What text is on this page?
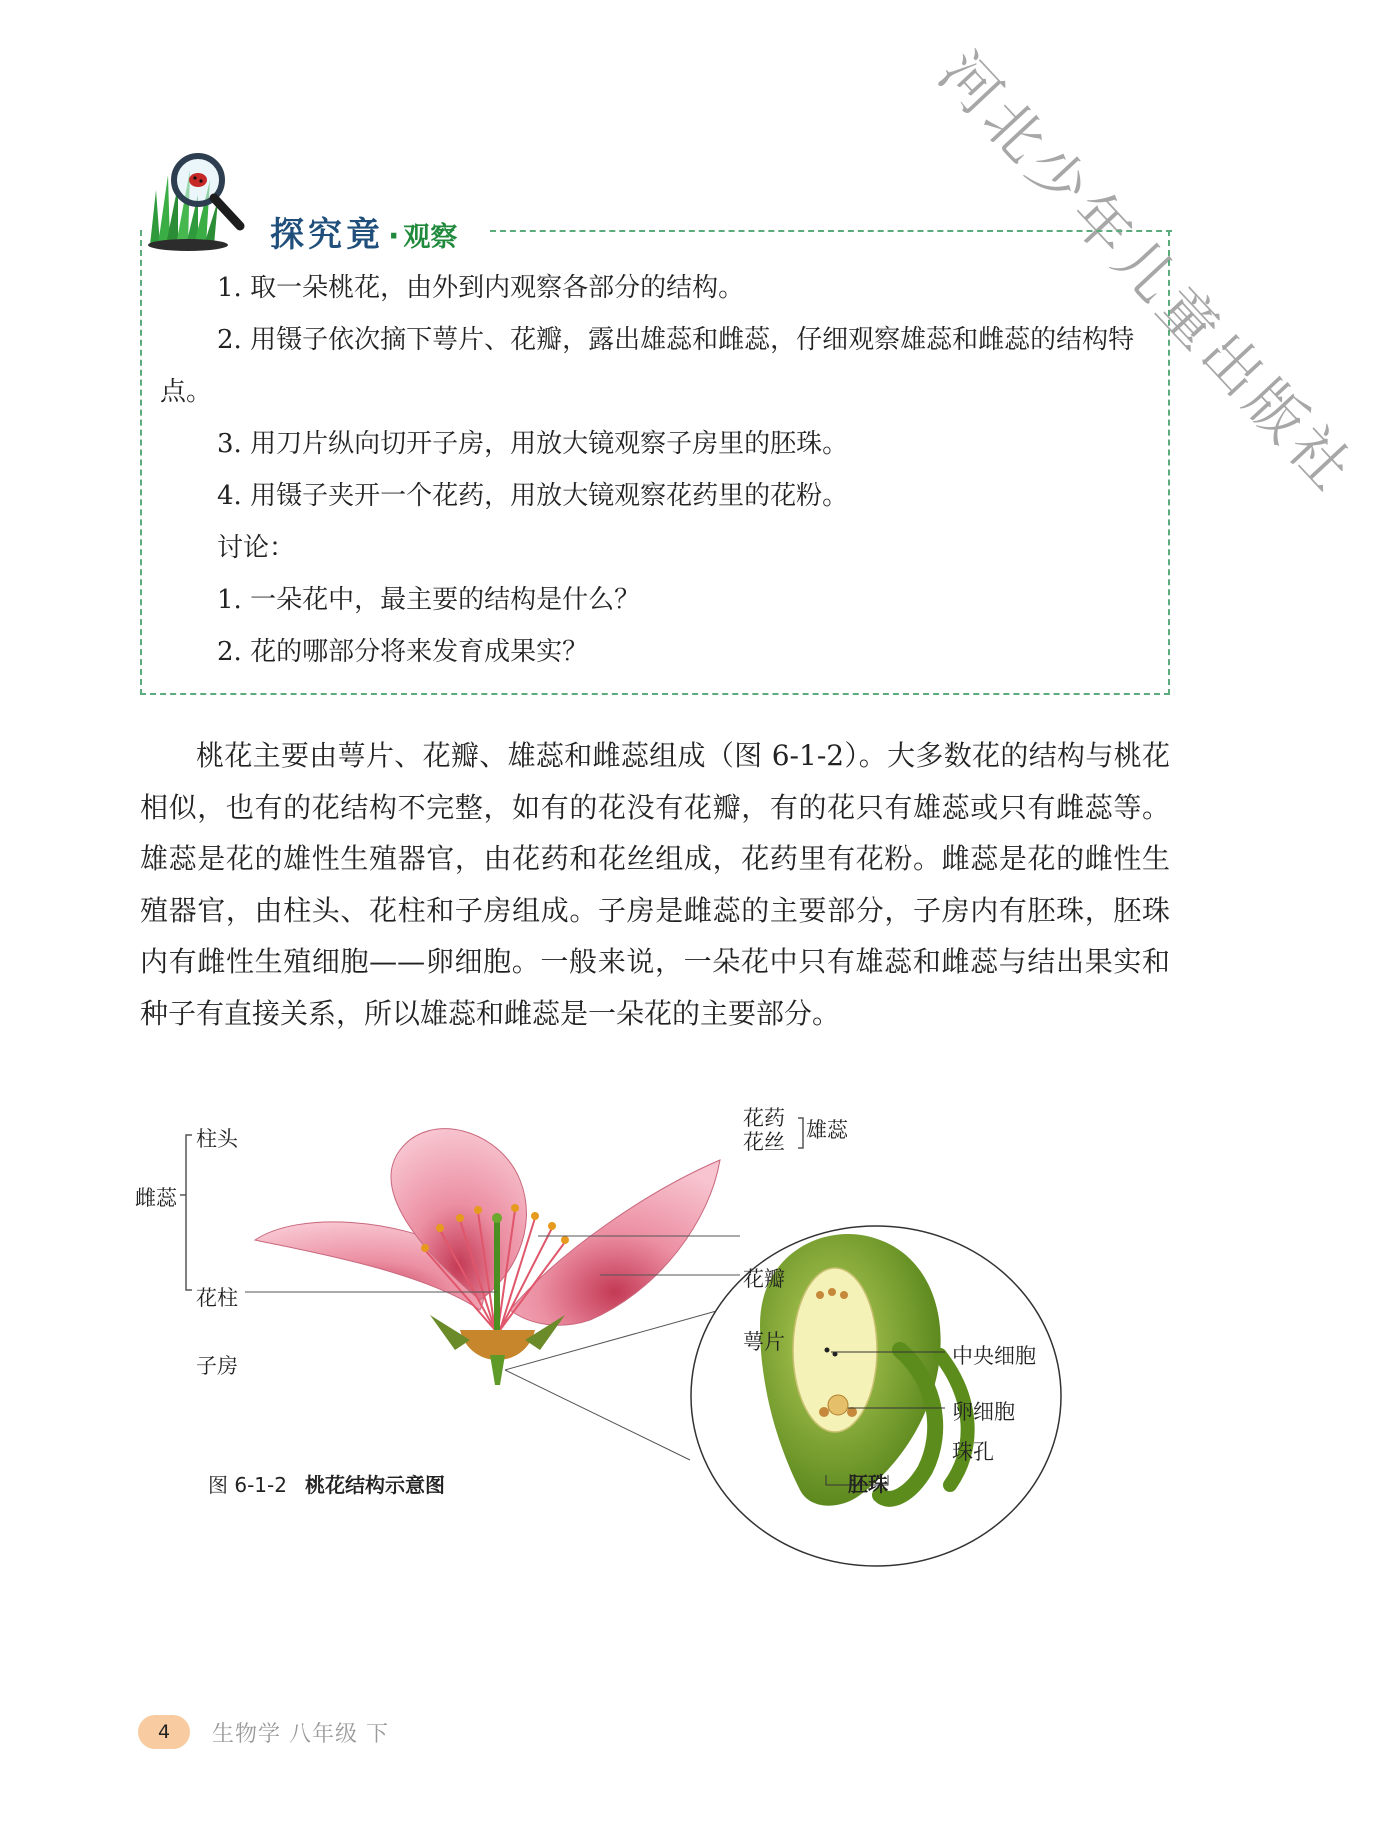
河北少年儿童出版社
探究竟 · 观察

1. 取一朵桃花，由外到内观察各部分的结构。

2. 用镊子依次摘下萼片、花瓣，露出雄蕊和雌蕊，仔细观察雄蕊和雌蕊的结构特点。

3. 用刀片纵向切开子房，用放大镜观察子房里的胚珠。

4. 用镊子夹开一个花药，用放大镜观察花药里的花粉。

讨论：

1. 一朵花中，最主要的结构是什么？

2. 花的哪部分将来发育成果实？

桃花主要由萼片、花瓣、雄蕊和雌蕊组成（图 6-1-2）。大多数花的结构与桃花相似，也有的花结构不完整，如有的花没有花瓣，有的花只有雄蕊或只有雌蕊等。雄蕊是花的雄性生殖器官，由花药和花丝组成，花药里有花粉。雌蕊是花的雌性生殖器官，由柱头、花柱和子房组成。子房是雌蕊的主要部分，子房内有胚珠，胚珠内有雌性生殖细胞——卵细胞。一般来说，一朵花中只有雄蕊和雌蕊与结出果实和种子有直接关系，所以雄蕊和雌蕊是一朵花的主要部分。

柱头
雌蕊
花柱
子房
花药
花丝 雄蕊
花瓣
萼片
中央细胞
卵细胞
珠孔
胚珠
图 6-1-2 桃花结构示意图
4	生物学 八年级 下
